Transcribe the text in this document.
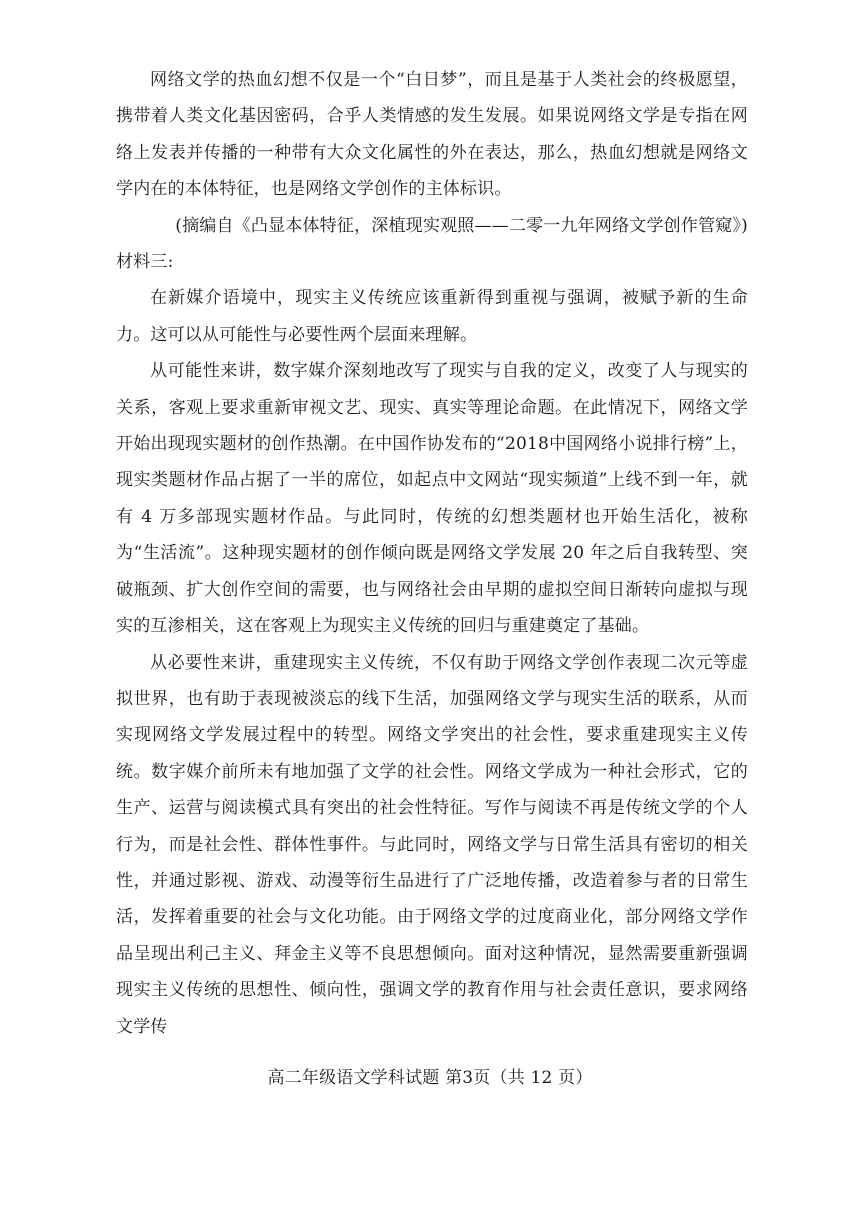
网络文学的热血幻想不仅是一个“白日梦”，而且是基于人类社会的终极愿望，携带着人类文化基因密码，合乎人类情感的发生发展。如果说网络文学是专指在网络上发表并传播的一种带有大众文化属性的外在表达，那么，热血幻想就是网络文学内在的本体特征，也是网络文学创作的主体标识。

(摘编自《凸显本体特征，深植现实观照——二零一九年网络文学创作管窥》)

材料三:

在新媒介语境中，现实主义传统应该重新得到重视与强调，被赋予新的生命力。这可以从可能性与必要性两个层面来理解。

从可能性来讲，数字媒介深刻地改写了现实与自我的定义，改变了人与现实的关系，客观上要求重新审视文艺、现实、真实等理论命题。在此情况下，网络文学开始出现现实题材的创作热潮。在中国作协发布的“2018中国网络小说排行榜”上，现实类题材作品占据了一半的席位，如起点中文网站“现实频道”上线不到一年，就有 4 万多部现实题材作品。与此同时，传统的幻想类题材也开始生活化，被称为“生活流”。这种现实题材的创作倾向既是网络文学发展 20 年之后自我转型、突破瓶颈、扩大创作空间的需要，也与网络社会由早期的虚拟空间日渐转向虚拟与现实的互渗相关，这在客观上为现实主义传统的回归与重建奠定了基础。

从必要性来讲，重建现实主义传统，不仅有助于网络文学创作表现二次元等虚拟世界，也有助于表现被淡忘的线下生活，加强网络文学与现实生活的联系，从而实现网络文学发展过程中的转型。网络文学突出的社会性，要求重建现实主义传统。数字媒介前所未有地加强了文学的社会性。网络文学成为一种社会形式，它的生产、运营与阅读模式具有突出的社会性特征。写作与阅读不再是传统文学的个人行为，而是社会性、群体性事件。与此同时，网络文学与日常生活具有密切的相关性，并通过影视、游戏、动漫等衍生品进行了广泛地传播，改造着参与者的日常生活，发挥着重要的社会与文化功能。由于网络文学的过度商业化，部分网络文学作品呈现出利己主义、拜金主义等不良思想倾向。面对这种情况，显然需要重新强调现实主义传统的思想性、倾向性，强调文学的教育作用与社会责任意识，要求网络文学传

高二年级语文学科试题 第3页（共 12 页）
